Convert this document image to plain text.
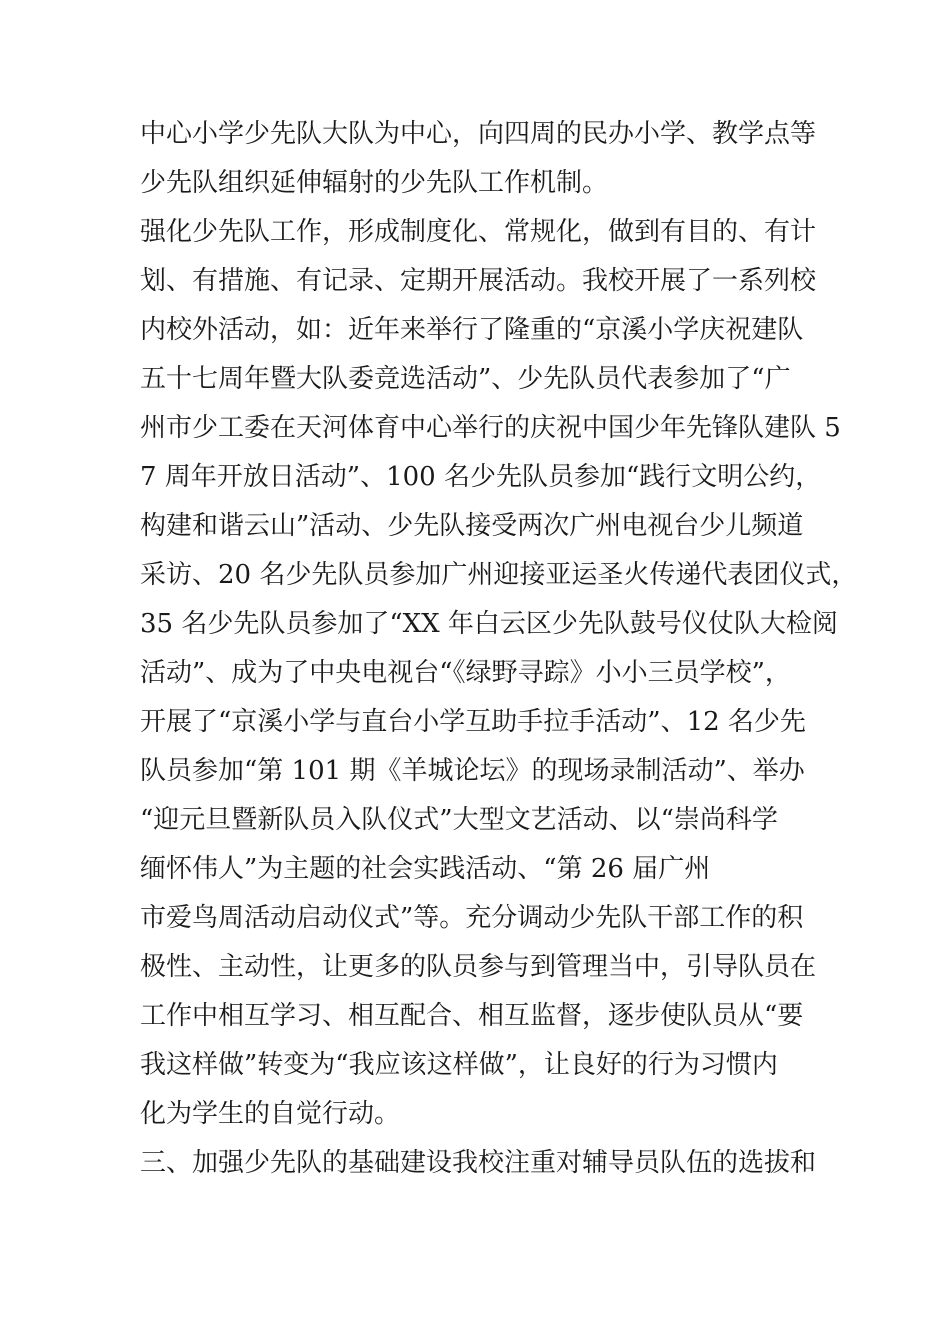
中心小学少先队大队为中心，向四周的民办小学、教学点等
少先队组织延伸辐射的少先队工作机制。
强化少先队工作，形成制度化、常规化，做到有目的、有计
划、有措施、有记录、定期开展活动。我校开展了一系列校
内校外活动，如：近年来举行了隆重的“京溪小学庆祝建队
五十七周年暨大队委竞选活动”、少先队员代表参加了“广
州市少工委在天河体育中心举行的庆祝中国少年先锋队建队 5
7 周年开放日活动”、100 名少先队员参加“践行文明公约，
构建和谐云山”活动、少先队接受两次广州电视台少儿频道
采访、20 名少先队员参加广州迎接亚运圣火传递代表团仪式，
35 名少先队员参加了“XX 年白云区少先队鼓号仪仗队大检阅
活动”、成为了中央电视台“《绿野寻踪》小小三员学校”，
开展了“京溪小学与直台小学互助手拉手活动”、12 名少先
队员参加“第 101 期《羊城论坛》的现场录制活动”、举办
“迎元旦暨新队员入队仪式”大型文艺活动、以“崇尚科学
缅怀伟人”为主题的社会实践活动、“第 26 届广州
市爱鸟周活动启动仪式”等。充分调动少先队干部工作的积
极性、主动性，让更多的队员参与到管理当中，引导队员在
工作中相互学习、相互配合、相互监督，逐步使队员从“要
我这样做”转变为“我应该这样做”，让良好的行为习惯内
化为学生的自觉行动。
三、加强少先队的基础建设我校注重对辅导员队伍的选拔和
